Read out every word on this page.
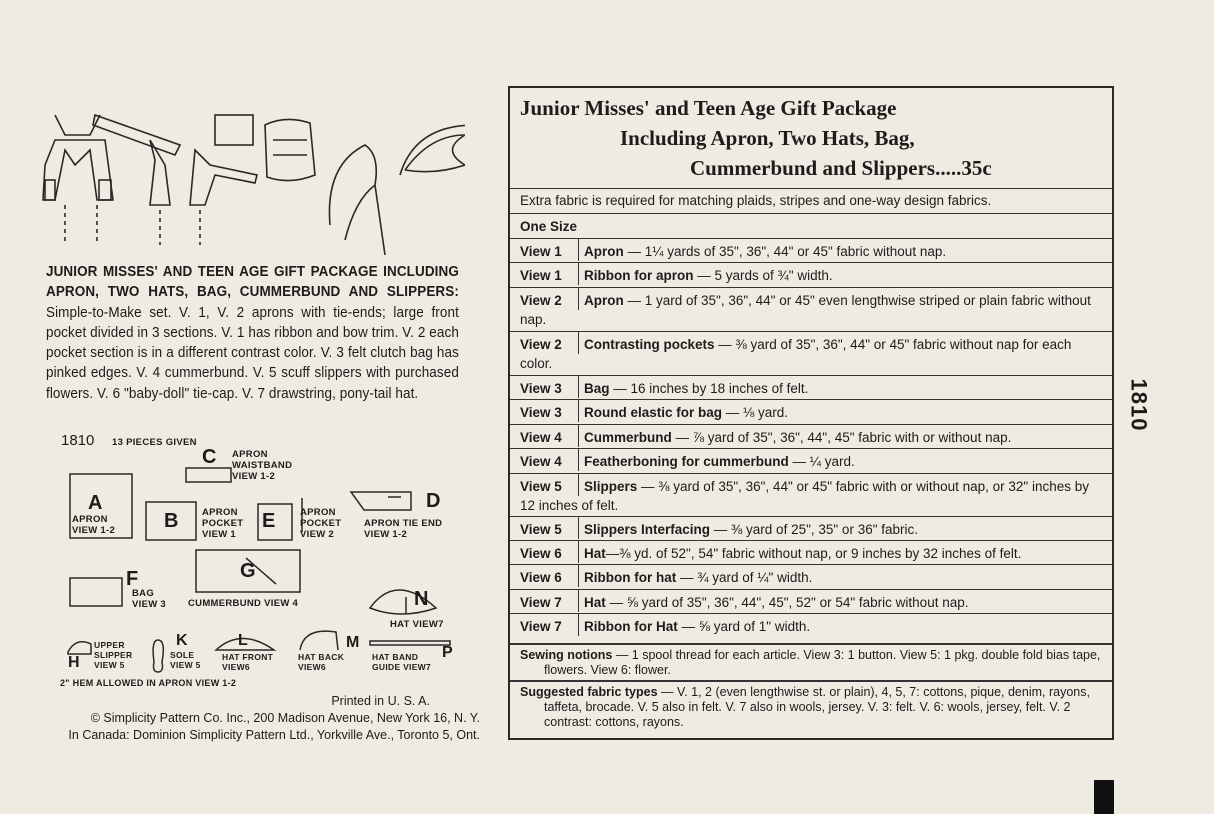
JUNIOR MISSES' AND TEEN AGE GIFT PACKAGE INCLUDING APRON, TWO HATS, BAG, CUMMERBUND AND SLIPPERS: Simple-to-Make set. V. 1, V. 2 aprons with tie-ends; large front pocket divided in 3 sections. V. 1 has ribbon and bow trim. V. 2 each pocket section is in a different contrast color. V. 3 felt clutch bag has pinked edges. V. 4 cummerbund. V. 5 scuff slippers with purchased flowers. V. 6 "baby-doll" tie-cap. V. 7 drawstring, pony-tail hat.
1810 13 PIECES GIVEN
A
APRON VIEW 1-2	B APRON POCKET VIEW 1
C APRON WAISTBAND VIEW 1-2
D
APRON TIE END VIEW 1-2
E	APRON POCKET VIEW 2
F
BAG VIEW 3
G
CUMMERBUND VIEW 4	N
HAT VIEW7
H
UPPER SLIPPER VIEW 5
K
SOLE VIEW 5
L
HAT FRONT VIEW6
M
HAT BACK VIEW6
P
HAT BAND GUIDE VIEW7
2" HEM ALLOWED IN APRON VIEW 1-2
Printed in U. S. A.
© Simplicity Pattern Co. Inc., 200 Madison Avenue, New York 16, N. Y.
In Canada: Dominion Simplicity Pattern Ltd., Yorkville Ave., Toronto 5, Ont.
Junior Misses' and Teen Age Gift Package
Including Apron, Two Hats, Bag,
Cummerbund and Slippers.....35c
Extra fabric is required for matching plaids, stripes and one-way design fabrics.
One Size
View 1	Apron — 1¼ yards of 35", 36", 44" or 45" fabric without nap.
View 1	Ribbon for apron — 5 yards of ¾" width.
View 2	Apron — 1 yard of 35", 36", 44" or 45" even lengthwise striped or plain fabric without nap.
View 2	Contrasting pockets — ⅜ yard of 35", 36", 44" or 45" fabric without nap for each color.
View 3	Bag — 16 inches by 18 inches of felt.
View 3	Round elastic for bag — ⅛ yard.
View 4	Cummerbund — ⅞ yard of 35", 36", 44", 45" fabric with or without nap.
View 4	Featherboning for cummerbund — ¼ yard.
View 5	Slippers — ⅜ yard of 35", 36", 44" or 45" fabric with or without nap, or 32" inches by 12 inches of felt.
View 5	Slippers Interfacing — ⅜ yard of 25", 35" or 36" fabric.
View 6	Hat—⅜ yd. of 52", 54" fabric without nap, or 9 inches by 32 inches of felt.
View 6	Ribbon for hat — ¾ yard of ¼" width.
View 7	Hat — ⅝ yard of 35", 36", 44", 45", 52" or 54" fabric without nap.
View 7	Ribbon for Hat — ⅝ yard of 1" width.
Sewing notions — 1 spool thread for each article. View 3: 1 button. View 5: 1 pkg. double fold bias tape, flowers. View 6: flower.
Suggested fabric types — V. 1, 2 (even lengthwise st. or plain), 4, 5, 7: cottons, pique, denim, rayons, taffeta, brocade. V. 5 also in felt. V. 7 also in wools, jersey. V. 3: felt. V. 6: wools, jersey, felt. V. 2 contrast: cottons, rayons.
1810
